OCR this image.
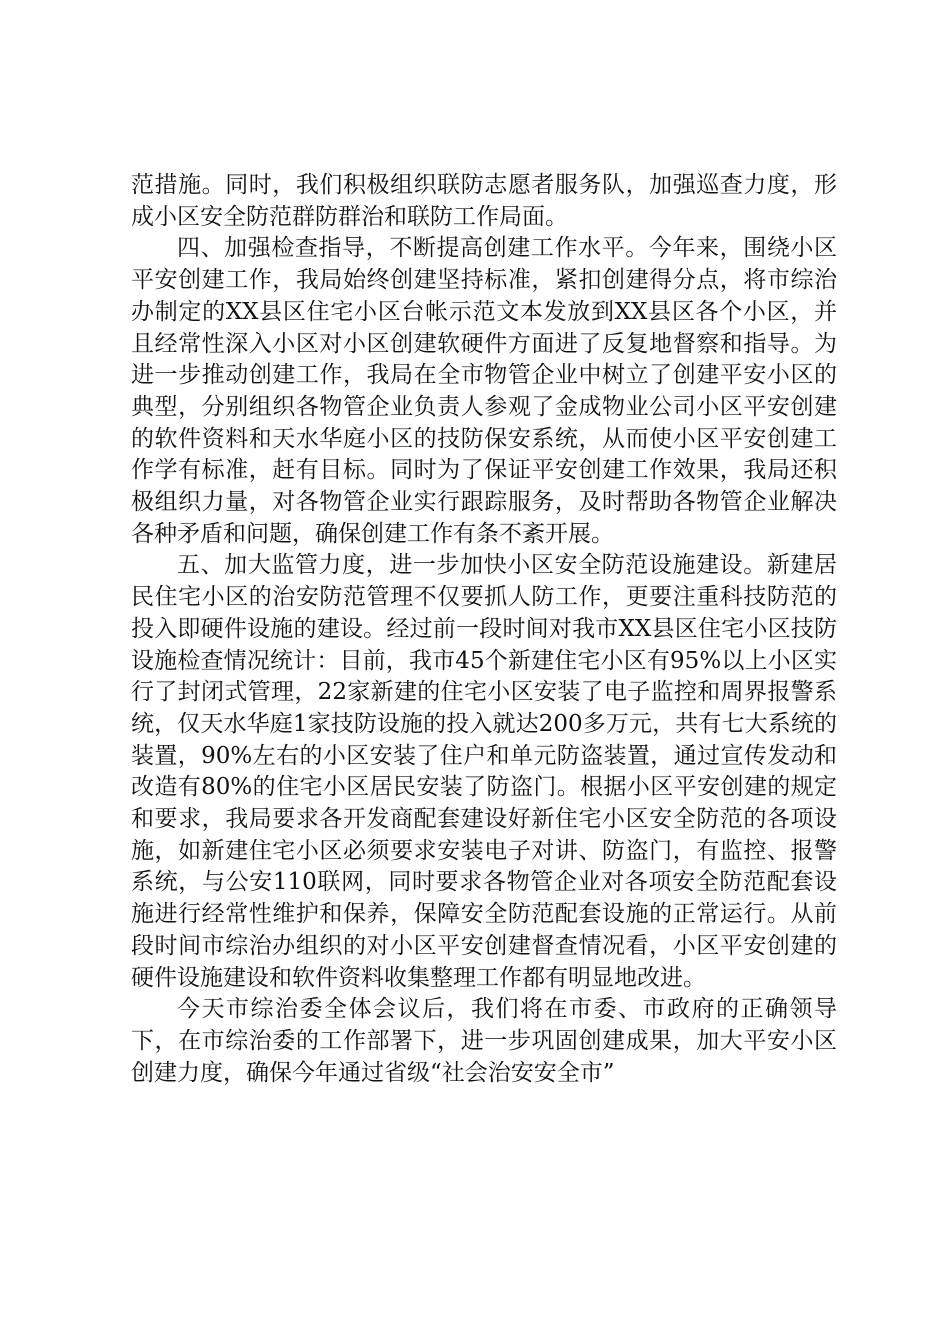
范措施。同时，我们积极组织联防志愿者服务队，加强巡查力度，形成小区安全防范群防群治和联防工作局面。

四、加强检查指导，不断提高创建工作水平。今年来，围绕小区平安创建工作，我局始终创建坚持标准，紧扣创建得分点，将市综治办制定的XX县区住宅小区台帐示范文本发放到XX县区各个小区，并且经常性深入小区对小区创建软硬件方面进了反复地督察和指导。为进一步推动创建工作，我局在全市物管企业中树立了创建平安小区的典型，分别组织各物管企业负责人参观了金成物业公司小区平安创建的软件资料和天水华庭小区的技防保安系统，从而使小区平安创建工作学有标准，赶有目标。同时为了保证平安创建工作效果，我局还积极组织力量，对各物管企业实行跟踪服务，及时帮助各物管企业解决各种矛盾和问题，确保创建工作有条不紊开展。

五、加大监管力度，进一步加快小区安全防范设施建设。新建居民住宅小区的治安防范管理不仅要抓人防工作，更要注重科技防范的投入即硬件设施的建设。经过前一段时间对我市XX县区住宅小区技防设施检查情况统计：目前，我市45个新建住宅小区有95%以上小区实行了封闭式管理，22家新建的住宅小区安装了电子监控和周界报警系统，仅天水华庭1家技防设施的投入就达200多万元，共有七大系统的装置，90%左右的小区安装了住户和单元防盗装置，通过宣传发动和改造有80%的住宅小区居民安装了防盗门。根据小区平安创建的规定和要求，我局要求各开发商配套建设好新住宅小区安全防范的各项设施，如新建住宅小区必须要求安装电子对讲、防盗门，有监控、报警系统，与公安110联网，同时要求各物管企业对各项安全防范配套设施进行经常性维护和保养，保障安全防范配套设施的正常运行。从前段时间市综治办组织的对小区平安创建督查情况看，小区平安创建的硬件设施建设和软件资料收集整理工作都有明显地改进。

今天市综治委全体会议后，我们将在市委、市政府的正确领导下，在市综治委的工作部署下，进一步巩固创建成果，加大平安小区创建力度，确保今年通过省级“社会治安安全市”
